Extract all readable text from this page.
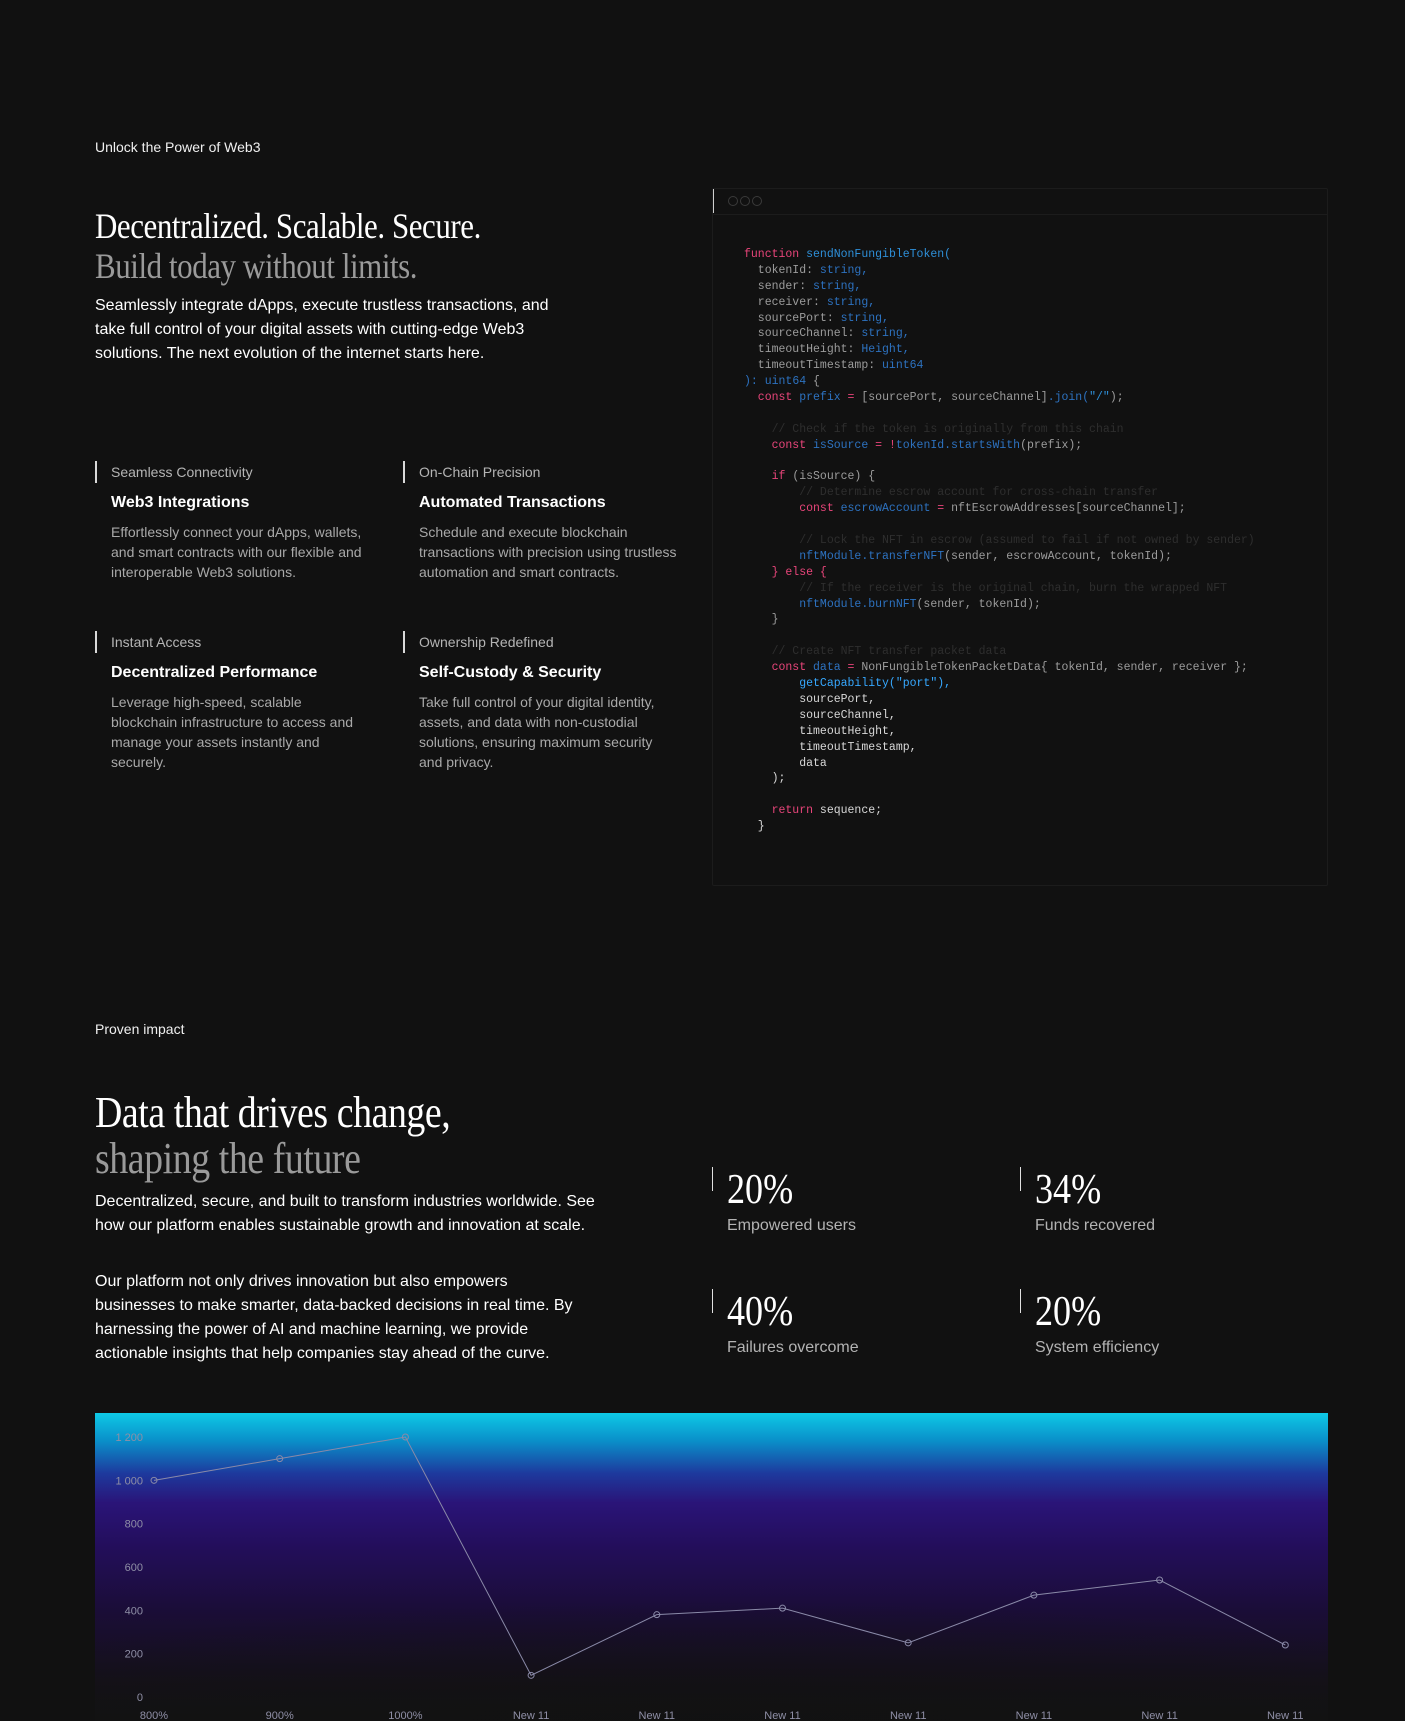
Unlock the Power of Web3
Decentralized. Scalable. Secure.
Build today without limits.

Seamlessly integrate dApps, execute trustless transactions, and take full control of your digital assets with cutting-edge Web3 solutions. The next evolution of the internet starts here.

Seamless Connectivity
Web3 Integrations
Effortlessly connect your dApps, wallets, and smart contracts with our flexible and interoperable Web3 solutions.
On-Chain Precision
Automated Transactions
Schedule and execute blockchain transactions with precision using trustless automation and smart contracts.
Instant Access
Decentralized Performance
Leverage high-speed, scalable blockchain infrastructure to access and manage your assets instantly and securely.
Ownership Redefined
Self-Custody & Security
Take full control of your digital identity, assets, and data with non-custodial solutions, ensuring maximum security and privacy.
function sendNonFungibleToken(
tokenId: string,
sender: string,
receiver: string,
sourcePort: string,
sourceChannel: string,
timeoutHeight: Height,
timeoutTimestamp: uint64
): uint64 {
const prefix = [sourcePort, sourceChannel].join("/");

// Check if the token is originally from this chain
const isSource = !tokenId.startsWith(prefix);

if (isSource) {
// Determine escrow account for cross-chain transfer
const escrowAccount = nftEscrowAddresses[sourceChannel];

// Lock the NFT in escrow (assumed to fail if not owned by sender)
nftModule.transferNFT(sender, escrowAccount, tokenId);
} else {
// If the receiver is the original chain, burn the wrapped NFT
nftModule.burnNFT(sender, tokenId);
}

// Create NFT transfer packet data
const data = NonFungibleTokenPacketData{ tokenId, sender, receiver };
getCapability("port"),
sourcePort,
sourceChannel,
timeoutHeight,
timeoutTimestamp,
data
);

return sequence;
}
Proven impact
Data that drives change,
shaping the future

Decentralized, secure, and built to transform industries worldwide. See how our platform enables sustainable growth and innovation at scale.

Our platform not only drives innovation but also empowers businesses to make smarter, data-backed decisions in real time. By harnessing the power of AI and machine learning, we provide actionable insights that help companies stay ahead of the curve.

20%
Empowered users
34%
Funds recovered
40%
Failures overcome
20%
System efficiency
0
200
400
600
800
1 000
1 200
800%	900%	1000%	New 11	New 11	New 11	New 11	New 11	New 11	New 11
